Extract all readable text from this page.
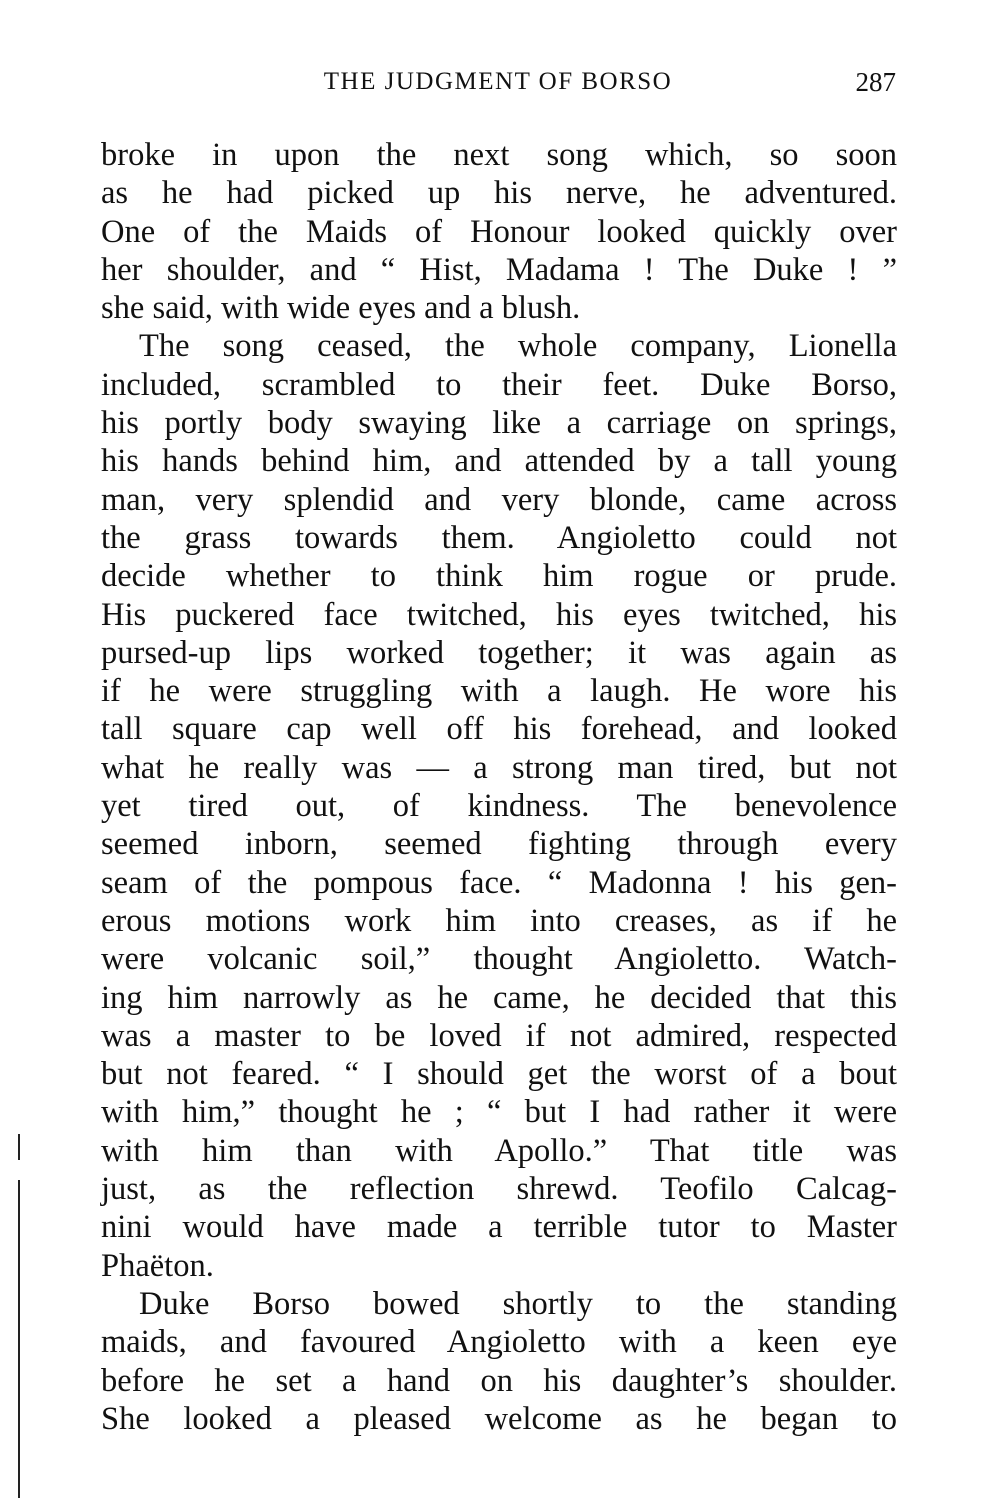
THE JUDGMENT OF BORSO	287
broke in upon the next song which, so soon
as he had picked up his nerve, he adventured.
One of the Maids of Honour looked quickly over
her shoulder, and “ Hist, Madama ! The Duke ! ”
she said, with wide eyes and a blush.
The song ceased, the whole company, Lionella
included, scrambled to their feet. Duke Borso,
his portly body swaying like a carriage on springs,
his hands behind him, and attended by a tall young
man, very splendid and very blonde, came across
the grass towards them. Angioletto could not
decide whether to think him rogue or prude.
His puckered face twitched, his eyes twitched, his
pursed-up lips worked together; it was again as
if he were struggling with a laugh. He wore his
tall square cap well off his forehead, and looked
what he really was — a strong man tired, but not
yet tired out, of kindness. The benevolence
seemed inborn, seemed fighting through every
seam of the pompous face. “ Madonna ! his gen-
erous motions work him into creases, as if he
were volcanic soil,” thought Angioletto. Watch-
ing him narrowly as he came, he decided that this
was a master to be loved if not admired, respected
but not feared. “ I should get the worst of a bout
with him,” thought he ; “ but I had rather it were
with him than with Apollo.” That title was
just, as the reflection shrewd. Teofilo Calcag-
nini would have made a terrible tutor to Master
Phaëton.
Duke Borso bowed shortly to the standing
maids, and favoured Angioletto with a keen eye
before he set a hand on his daughter’s shoulder.
She looked a pleased welcome as he began to
